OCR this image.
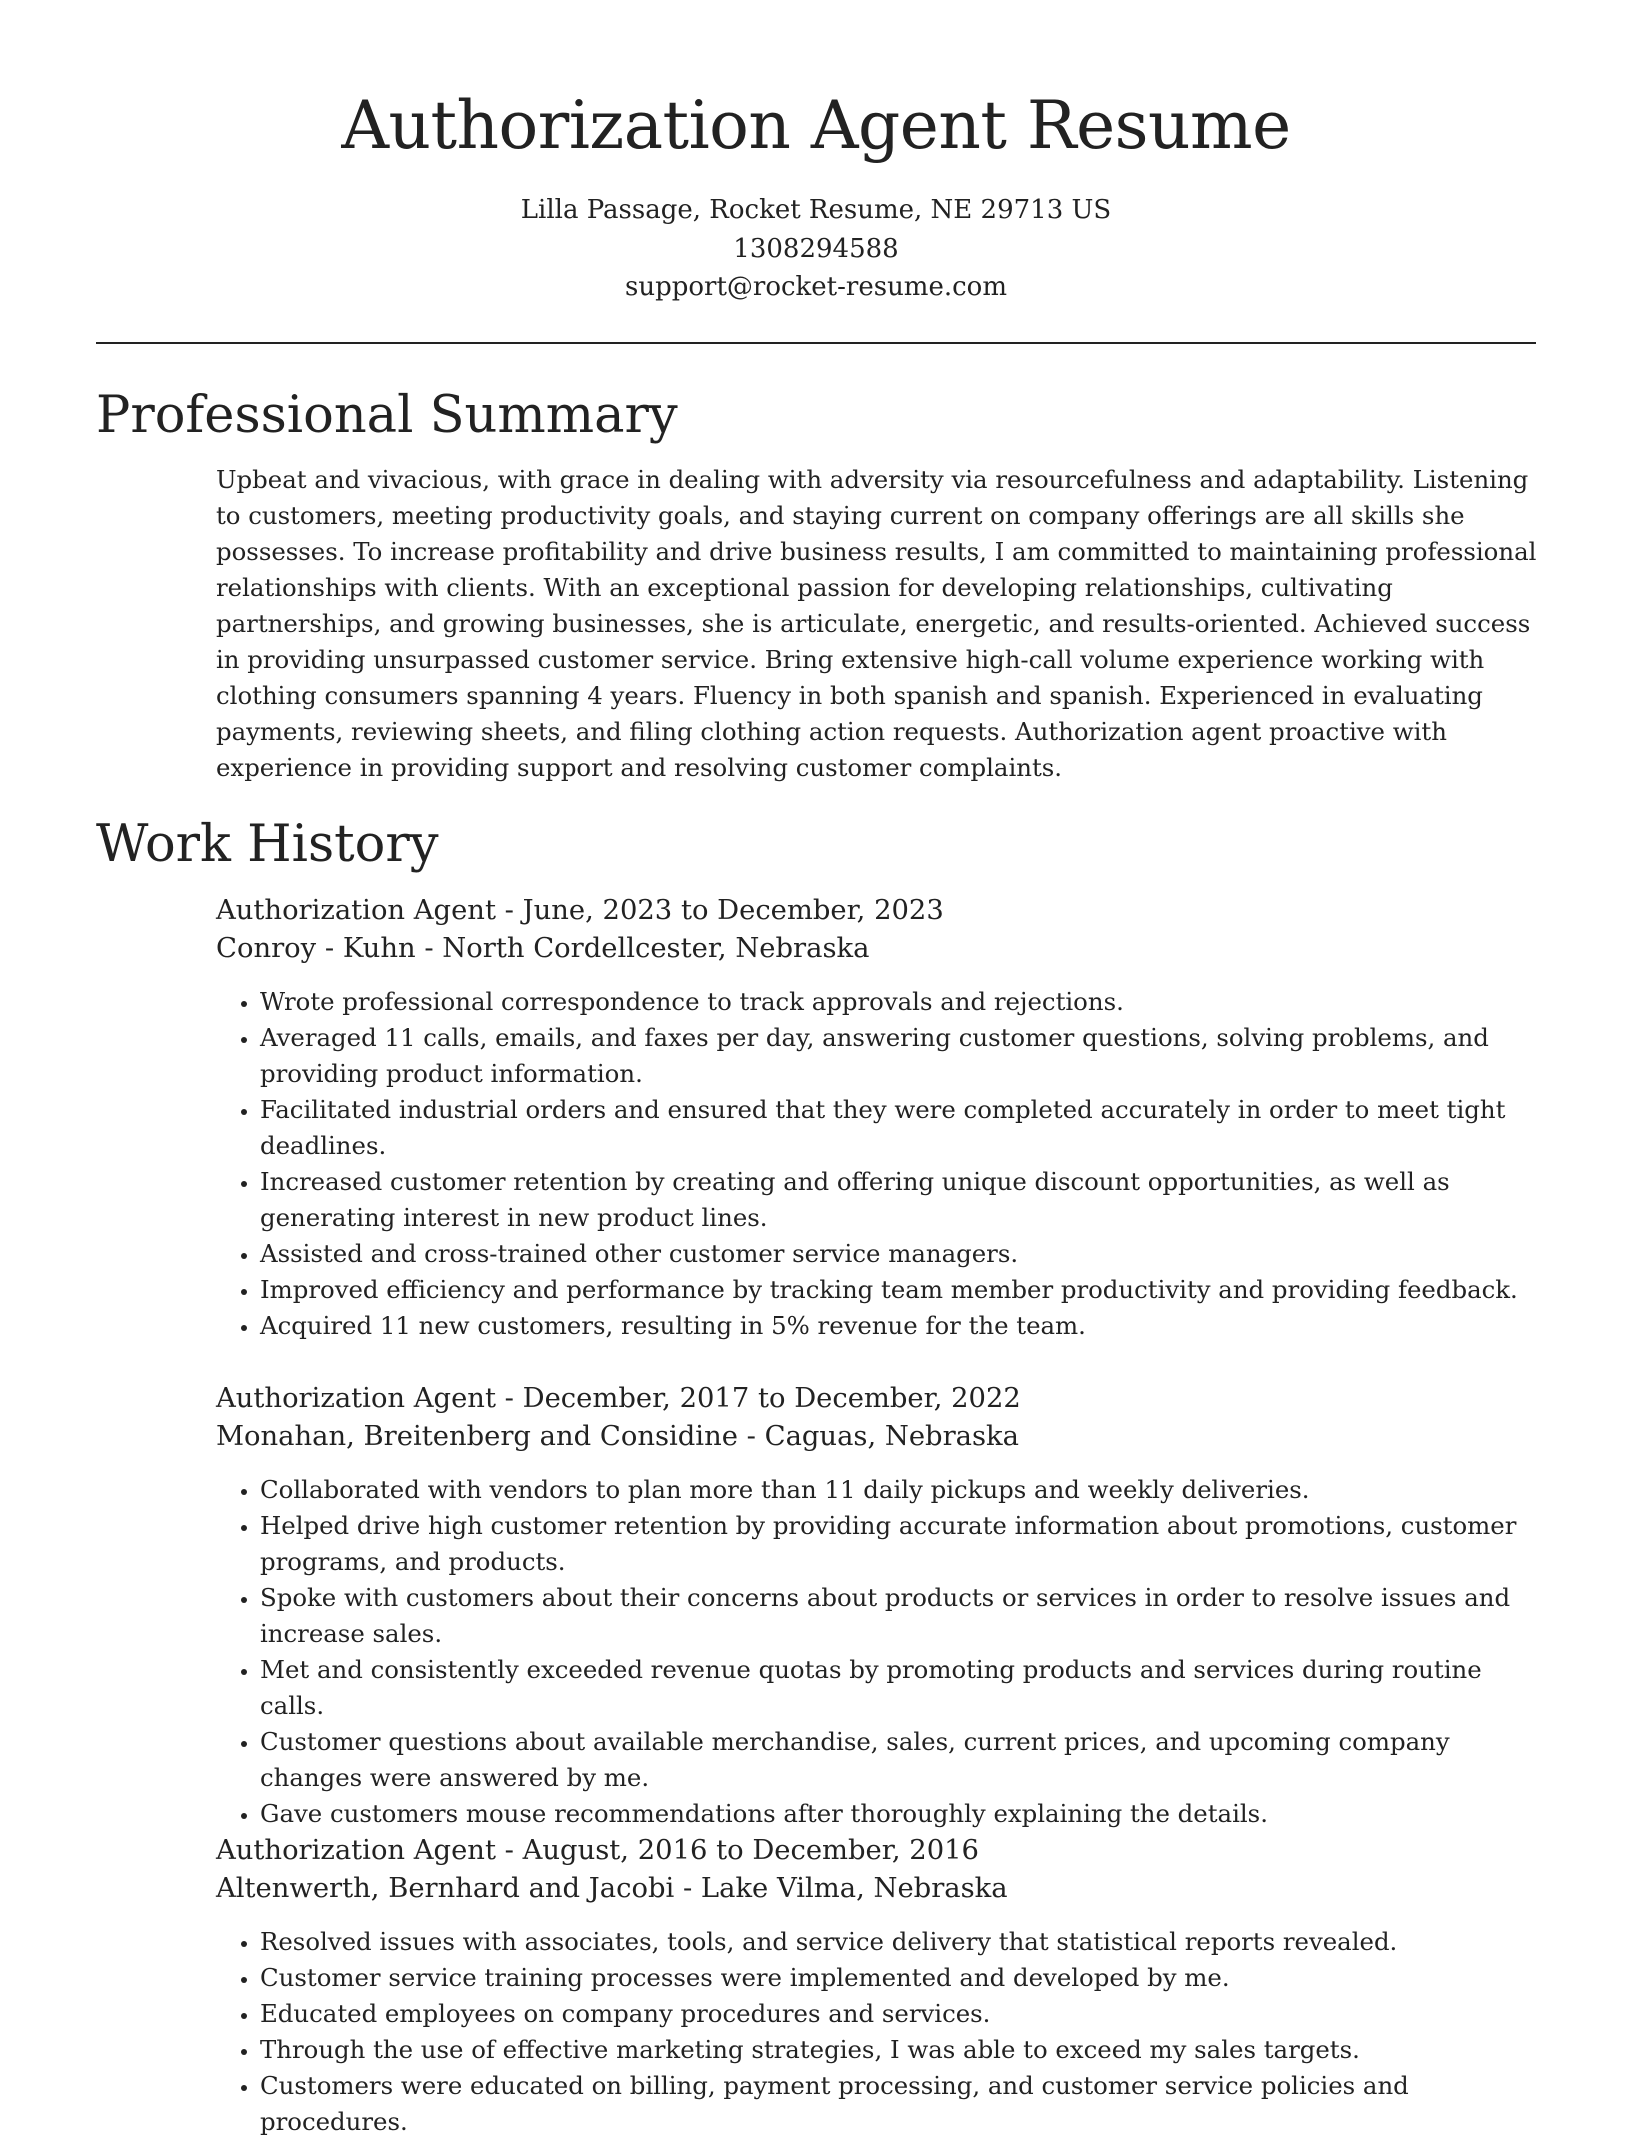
Authorization Agent Resume
Lilla Passage, Rocket Resume, NE 29713 US
1308294588
support@rocket-resume.com
Professional Summary

Upbeat and vivacious, with grace in dealing with adversity via resourcefulness and adaptability. Listening to customers, meeting productivity goals, and staying current on company offerings are all skills she possesses. To increase profitability and drive business results, I am committed to maintaining professional relationships with clients. With an exceptional passion for developing relationships, cultivating partnerships, and growing businesses, she is articulate, energetic, and results-oriented. Achieved success in providing unsurpassed customer service. Bring extensive high-call volume experience working with clothing consumers spanning 4 years. Fluency in both spanish and spanish. Experienced in evaluating payments, reviewing sheets, and filing clothing action requests. Authorization agent proactive with experience in providing support and resolving customer complaints.

Work History
Authorization Agent - June, 2023 to December, 2023
Conroy - Kuhn - North Cordellcester, Nebraska
• Wrote professional correspondence to track approvals and rejections.
• Averaged 11 calls, emails, and faxes per day, answering customer questions, solving problems, and providing product information.
• Facilitated industrial orders and ensured that they were completed accurately in order to meet tight deadlines.
• Increased customer retention by creating and offering unique discount opportunities, as well as generating interest in new product lines.
• Assisted and cross-trained other customer service managers.
• Improved efficiency and performance by tracking team member productivity and providing feedback.
• Acquired 11 new customers, resulting in 5% revenue for the team.
Authorization Agent - December, 2017 to December, 2022
Monahan, Breitenberg and Considine - Caguas, Nebraska
• Collaborated with vendors to plan more than 11 daily pickups and weekly deliveries.
• Helped drive high customer retention by providing accurate information about promotions, customer programs, and products.
• Spoke with customers about their concerns about products or services in order to resolve issues and increase sales.
• Met and consistently exceeded revenue quotas by promoting products and services during routine calls.
• Customer questions about available merchandise, sales, current prices, and upcoming company changes were answered by me.
• Gave customers mouse recommendations after thoroughly explaining the details.
Authorization Agent - August, 2016 to December, 2016
Altenwerth, Bernhard and Jacobi - Lake Vilma, Nebraska
• Resolved issues with associates, tools, and service delivery that statistical reports revealed.
• Customer service training processes were implemented and developed by me.
• Educated employees on company procedures and services.
• Through the use of effective marketing strategies, I was able to exceed my sales targets.
• Customers were educated on billing, payment processing, and customer service policies and procedures.
